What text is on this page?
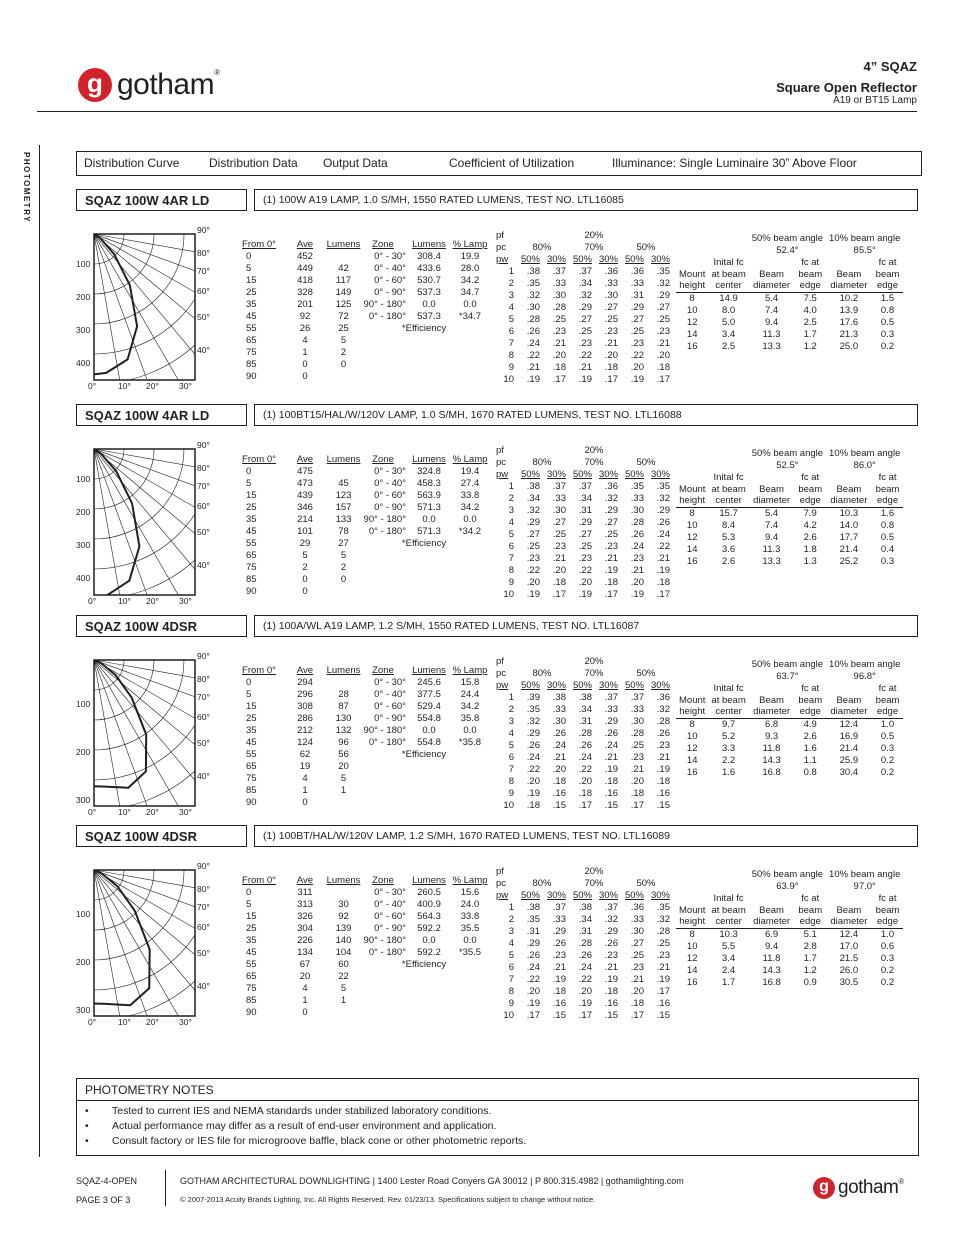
g gotham®	4” SQAZ
Square Open Reflector
A19 or BT15 Lamp
PHOTOMETRY	Distribution Curve Distribution Data Output Data	Coefficient of Utilization	Illuminance: Single Luminaire 30” Above Floor
SQAZ 100W 4AR LD	(1) 100W A19 LAMP, 1.0 S/MH, 1550 RATED LUMENS, TEST NO. LTL16085
90°
80°
70°
60°
50°
40°
0°	10° 20° 30°
100
200
300
400
From 0°	Ave	Lumens
0	452	
5	449	42
15	418	117
25	328	149
35	201	125
45	92	72
55	26	25
65	4	5
75	1	2
85	0	0
90	0	
Zone	Lumens	% Lamp
0° - 30°	308.4	19.9
0° - 40°	433.6	28.0
0° - 60°	530.7	34.2
0° - 90°	537.3	34.7
90° - 180°	0.0	0.0
0° - 180°	537.3	*34.7
*Efficiency		
pf	20%					
pc	80%		70%		50%	
pw	50%	30%	50%	30%	50%	30%
1	.38	.37	.37	.36	.36	.35
2	.35	.33	.34	.33	.33	.32
3	.32	.30	.32	.30	.31	.29
4	.30	.28	.29	.27	.29	.27
5	.28	.25	.27	.25	.27	.25
6	.26	.23	.25	.23	.25	.23
7	.24	.21	.23	.21	.23	.21
8	.22	.20	.22	.20	.22	.20
9	.21	.18	.21	.18	.20	.18
10	.19	.17	.19	.17	.19	.17
		50% beam angle		10% beam angle	
		52.4°		85.5°	
	Inital fc		fc at		fc at
Mount	at beam	Beam	beam	Beam	beam
height	center	diameter	edge	diameter	edge
8	14.9	5.4	7.5	10.2	1.5
10	8.0	7.4	4.0	13.9	0.8
12	5.0	9.4	2.5	17.6	0.5
14	3.4	11.3	1.7	21.3	0.3
16	2.5	13.3	1.2	25.0	0.2
SQAZ 100W 4AR LD	(1) 100BT15/HAL/W/120V LAMP, 1.0 S/MH, 1670 RATED LUMENS, TEST NO. LTL16088
90°
80°
70°
60°
50°
40°
0°	10° 20° 30°
100
200
300
400
From 0°	Ave	Lumens
0	475	
5	473	45
15	439	123
25	346	157
35	214	133
45	101	78
55	29	27
65	5	5
75	2	2
85	0	0
90	0	
Zone	Lumens	% Lamp
0° - 30°	324.8	19.4
0° - 40°	458.3	27.4
0° - 60°	563.9	33.8
0° - 90°	571.3	34.2
90° - 180°	0.0	0.0
0° - 180°	571.3	*34.2
*Efficiency		
pf	20%					
pc	80%		70%		50%	
pw	50%	30%	50%	30%	50%	30%
1	.38	.37	.37	.36	.35	.35
2	.34	.33	.34	.32	.33	.32
3	.32	.30	.31	.29	.30	.29
4	.29	.27	.29	.27	.28	.26
5	.27	.25	.27	.25	.26	.24
6	.25	.23	.25	.23	.24	.22
7	.23	.21	.23	.21	.23	.21
8	.22	.20	.22	.19	.21	.19
9	.20	.18	.20	.18	.20	.18
10	.19	.17	.19	.17	.19	.17
		50% beam angle		10% beam angle	
		52.5°		86.0°	
	Inital fc		fc at		fc at
Mount	at beam	Beam	beam	Beam	beam
height	center	diameter	edge	diameter	edge
8	15.7	5.4	7.9	10.3	1.6
10	8.4	7.4	4.2	14.0	0.8
12	5.3	9.4	2.6	17.7	0.5
14	3.6	11.3	1.8	21.4	0.4
16	2.6	13.3	1.3	25.2	0.3
SQAZ 100W 4DSR	(1) 100A/WL A19 LAMP, 1.2 S/MH, 1550 RATED LUMENS, TEST NO. LTL16087
90°
80°
70°
60°
50°
40°
0°	10° 20° 30°
100
200
300
From 0°	Ave	Lumens
0	294	
5	296	28
15	308	87
25	286	130
35	212	132
45	124	96
55	62	56
65	19	20
75	4	5
85	1	1
90	0	
Zone	Lumens	% Lamp
0° - 30°	245.6	15.8
0° - 40°	377.5	24.4
0° - 60°	529.4	34.2
0° - 90°	554.8	35.8
90° - 180°	0.0	0.0
0° - 180°	554.8	*35.8
*Efficiency		
pf	20%					
pc	80%		70%		50%	
pw	50%	30%	50%	30%	50%	30%
1	.39	.38	.38	.37	.37	.36
2	.35	.33	.34	.33	.33	.32
3	.32	.30	.31	.29	.30	.28
4	.29	.26	.28	.26	.28	.26
5	.26	.24	.26	.24	.25	.23
6	.24	.21	.24	.21	.23	.21
7	.22	.20	.22	.19	.21	.19
8	.20	.18	.20	.18	.20	.18
9	.19	.16	.18	.16	.18	.16
10	.18	.15	.17	.15	.17	.15
		50% beam angle		10% beam angle	
		63.7°		96.8°	
	Inital fc		fc at		fc at
Mount	at beam	Beam	beam	Beam	beam
height	center	diameter	edge	diameter	edge
8	9.7	6.8	4.9	12.4	1.0
10	5.2	9.3	2.6	16.9	0.5
12	3.3	11.8	1.6	21.4	0.3
14	2.2	14.3	1.1	25.9	0.2
16	1.6	16.8	0.8	30.4	0.2
SQAZ 100W 4DSR	(1) 100BT/HAL/W/120V LAMP, 1.2 S/MH, 1670 RATED LUMENS, TEST NO. LTL16089
90°
80°
70°
60°
50°
40°
0°	10° 20° 30°
100
200
300
From 0°	Ave	Lumens
0	311	
5	313	30
15	326	92
25	304	139
35	226	140
45	134	104
55	67	60
65	20	22
75	4	5
85	1	1
90	0	
Zone	Lumens	% Lamp
0° - 30°	260.5	15.6
0° - 40°	400.9	24.0
0° - 60°	564.3	33.8
0° - 90°	592.2	35.5
90° - 180°	0.0	0.0
0° - 180°	592.2	*35.5
*Efficiency		
pf	20%					
pc	80%		70%		50%	
pw	50%	30%	50%	30%	50%	30%
1	.38	.37	.38	.37	.36	.35
2	.35	.33	.34	.32	.33	.32
3	.31	.29	.31	.29	.30	.28
4	.29	.26	.28	.26	.27	.25
5	.26	.23	.26	.23	.25	.23
6	.24	.21	.24	.21	.23	.21
7	.22	.19	.22	.19	.21	.19
8	.20	.18	.20	.18	.20	.17
9	.19	.16	.19	.16	.18	.16
10	.17	.15	.17	.15	.17	.15
		50% beam angle		10% beam angle	
		63.9°		97.0°	
	Inital fc		fc at		fc at
Mount	at beam	Beam	beam	Beam	beam
height	center	diameter	edge	diameter	edge
8	10.3	6.9	5.1	12.4	1.0
10	5.5	9.4	2.8	17.0	0.6
12	3.4	11.8	1.7	21.5	0.3
14	2.4	14.3	1.2	26.0	0.2
16	1.7	16.8	0.9	30.5	0.2
PHOTOMETRY NOTES
• Tested to current IES and NEMA standards under stabilized laboratory conditions.
• Actual performance may differ as a result of end-user environment and application.
• Consult factory or IES file for microgroove baffle, black cone or other photometric reports.
SQAZ-4-OPEN
PAGE 3 OF 3
GOTHAM ARCHITECTURAL DOWNLIGHTING | 1400 Lester Road Conyers GA 30012 | P 800.315.4982 | gothamlighting.com
© 2007-2013 Acuity Brands Lighting, Inc. All Rights Reserved. Rev. 01/23/13. Specifications subject to change without notice.
g gotham®
